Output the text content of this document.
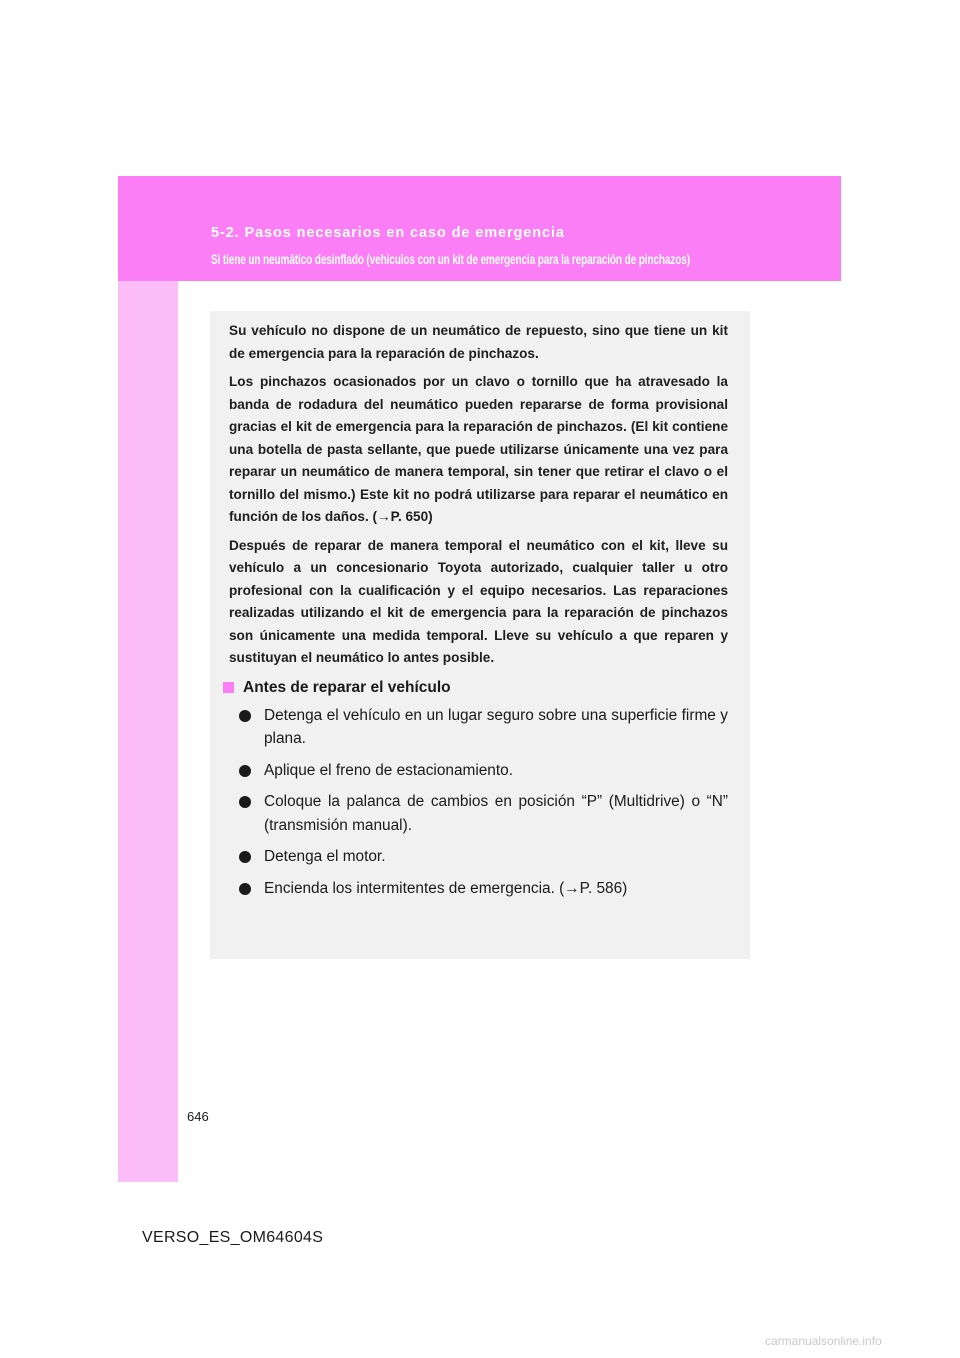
5-2. Pasos necesarios en caso de emergencia
Si tiene un neumático desinflado (vehículos con un kit de emergencia para la reparación de pinchazos)

Su vehículo no dispone de un neumático de repuesto, sino que tiene un kit de emergencia para la reparación de pinchazos.

Los pinchazos ocasionados por un clavo o tornillo que ha atravesado la banda de rodadura del neumático pueden repararse de forma provisional gracias el kit de emergencia para la reparación de pinchazos. (El kit contiene una botella de pasta sellante, que puede utilizarse únicamente una vez para reparar un neumático de manera temporal, sin tener que retirar el clavo o el tornillo del mismo.) Este kit no podrá utilizarse para reparar el neumático en función de los daños. (→P. 650)

Después de reparar de manera temporal el neumático con el kit, lleve su vehículo a un concesionario Toyota autorizado, cualquier taller u otro profesional con la cualificación y el equipo necesarios. Las reparaciones realizadas utilizando el kit de emergencia para la reparación de pinchazos son únicamente una medida temporal. Lleve su vehículo a que reparen y sustituyan el neumático lo antes posible.

Antes de reparar el vehículo
Detenga el vehículo en un lugar seguro sobre una superficie firme y plana.
Aplique el freno de estacionamiento.
Coloque la palanca de cambios en posición “P” (Multidrive) o “N” (transmisión manual).
Detenga el motor.
Encienda los intermitentes de emergencia. (→P. 586)
646
VERSO_ES_OM64604S
carmanualsonline.info
